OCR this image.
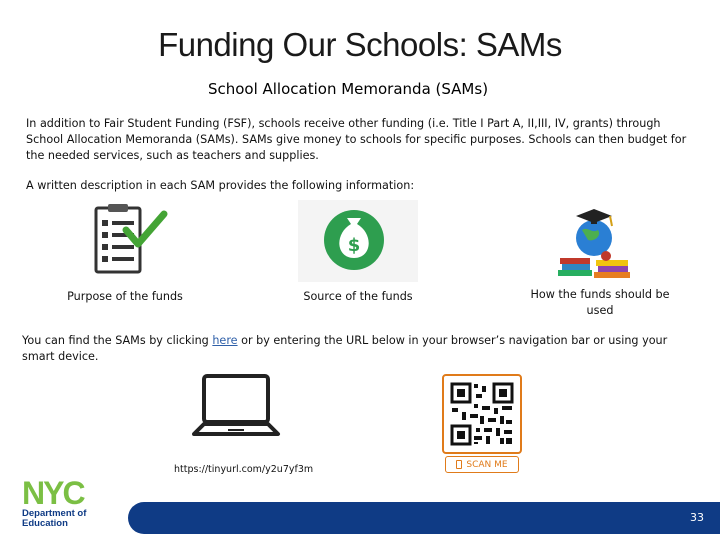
Funding Our Schools: SAMs
School Allocation Memoranda (SAMs)

In addition to Fair Student Funding (FSF), schools receive other funding (i.e. Title I Part A, II,III, IV, grants) through School Allocation Memoranda (SAMs). SAMs give money to schools for specific purposes. Schools can then budget for the needed services, such as teachers and supplies.

A written description in each SAM provides the following information:

Purpose of the funds
$
Source of the funds	How the funds should be used

You can find the SAMs by clicking here or by entering the URL below in your browser’s navigation bar or using your smart device.

https://tinyurl.com/y2u7yf3m	SCAN ME
NYC
Department of
Education	33
